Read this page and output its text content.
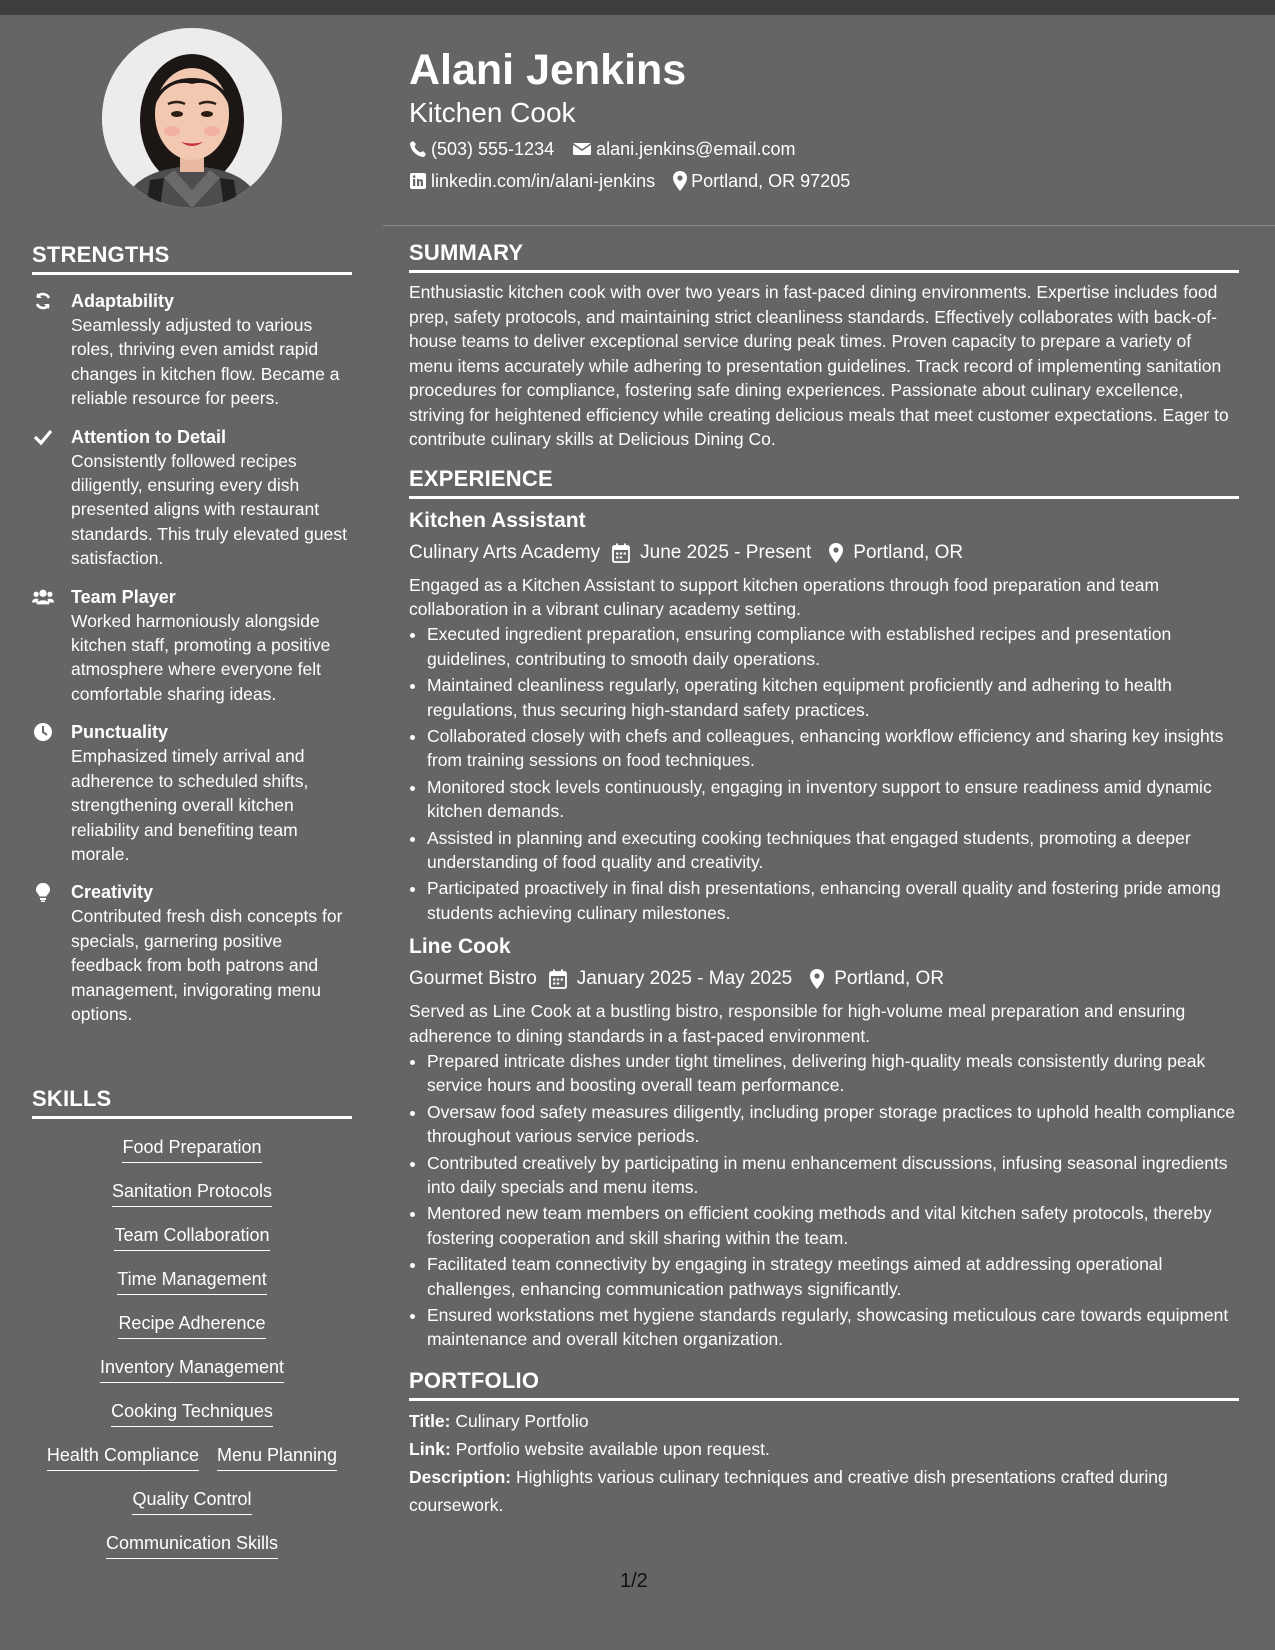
STRENGTHS
Adaptability
Seamlessly adjusted to various roles, thriving even amidst rapid changes in kitchen flow. Became a reliable resource for peers.
Attention to Detail
Consistently followed recipes diligently, ensuring every dish presented aligns with restaurant standards. This truly elevated guest satisfaction.
Team Player
Worked harmoniously alongside kitchen staff, promoting a positive atmosphere where everyone felt comfortable sharing ideas.
Punctuality
Emphasized timely arrival and adherence to scheduled shifts, strengthening overall kitchen reliability and benefiting team morale.
Creativity
Contributed fresh dish concepts for specials, garnering positive feedback from both patrons and management, invigorating menu options.
SKILLS
Food Preparation
Sanitation Protocols
Team Collaboration
Time Management
Recipe Adherence
Inventory Management
Cooking Techniques
Health Compliance Menu Planning
Quality Control
Communication Skills
Alani Jenkins
Kitchen Cook
(503) 555-1234 alani.jenkins@email.com
linkedin.com/in/alani-jenkins Portland, OR 97205
SUMMARY
Enthusiastic kitchen cook with over two years in fast-paced dining environments. Expertise includes food prep, safety protocols, and maintaining strict cleanliness standards. Effectively collaborates with back-of-house teams to deliver exceptional service during peak times. Proven capacity to prepare a variety of menu items accurately while adhering to presentation guidelines. Track record of implementing sanitation procedures for compliance, fostering safe dining experiences. Passionate about culinary excellence, striving for heightened efficiency while creating delicious meals that meet customer expectations. Eager to contribute culinary skills at Delicious Dining Co.
EXPERIENCE
Kitchen Assistant
Culinary Arts Academy June 2025 - Present Portland, OR
Engaged as a Kitchen Assistant to support kitchen operations through food preparation and team collaboration in a vibrant culinary academy setting.
• Executed ingredient preparation, ensuring compliance with established recipes and presentation guidelines, contributing to smooth daily operations.
• Maintained cleanliness regularly, operating kitchen equipment proficiently and adhering to health regulations, thus securing high-standard safety practices.
• Collaborated closely with chefs and colleagues, enhancing workflow efficiency and sharing key insights from training sessions on food techniques.
• Monitored stock levels continuously, engaging in inventory support to ensure readiness amid dynamic kitchen demands.
• Assisted in planning and executing cooking techniques that engaged students, promoting a deeper understanding of food quality and creativity.
• Participated proactively in final dish presentations, enhancing overall quality and fostering pride among students achieving culinary milestones.
Line Cook
Gourmet Bistro January 2025 - May 2025 Portland, OR
Served as Line Cook at a bustling bistro, responsible for high-volume meal preparation and ensuring adherence to dining standards in a fast-paced environment.
• Prepared intricate dishes under tight timelines, delivering high-quality meals consistently during peak service hours and boosting overall team performance.
• Oversaw food safety measures diligently, including proper storage practices to uphold health compliance throughout various service periods.
• Contributed creatively by participating in menu enhancement discussions, infusing seasonal ingredients into daily specials and menu items.
• Mentored new team members on efficient cooking methods and vital kitchen safety protocols, thereby fostering cooperation and skill sharing within the team.
• Facilitated team connectivity by engaging in strategy meetings aimed at addressing operational challenges, enhancing communication pathways significantly.
• Ensured workstations met hygiene standards regularly, showcasing meticulous care towards equipment maintenance and overall kitchen organization.
PORTFOLIO
Title: Culinary Portfolio
Link: Portfolio website available upon request.
Description: Highlights various culinary techniques and creative dish presentations crafted during coursework.
1/2
